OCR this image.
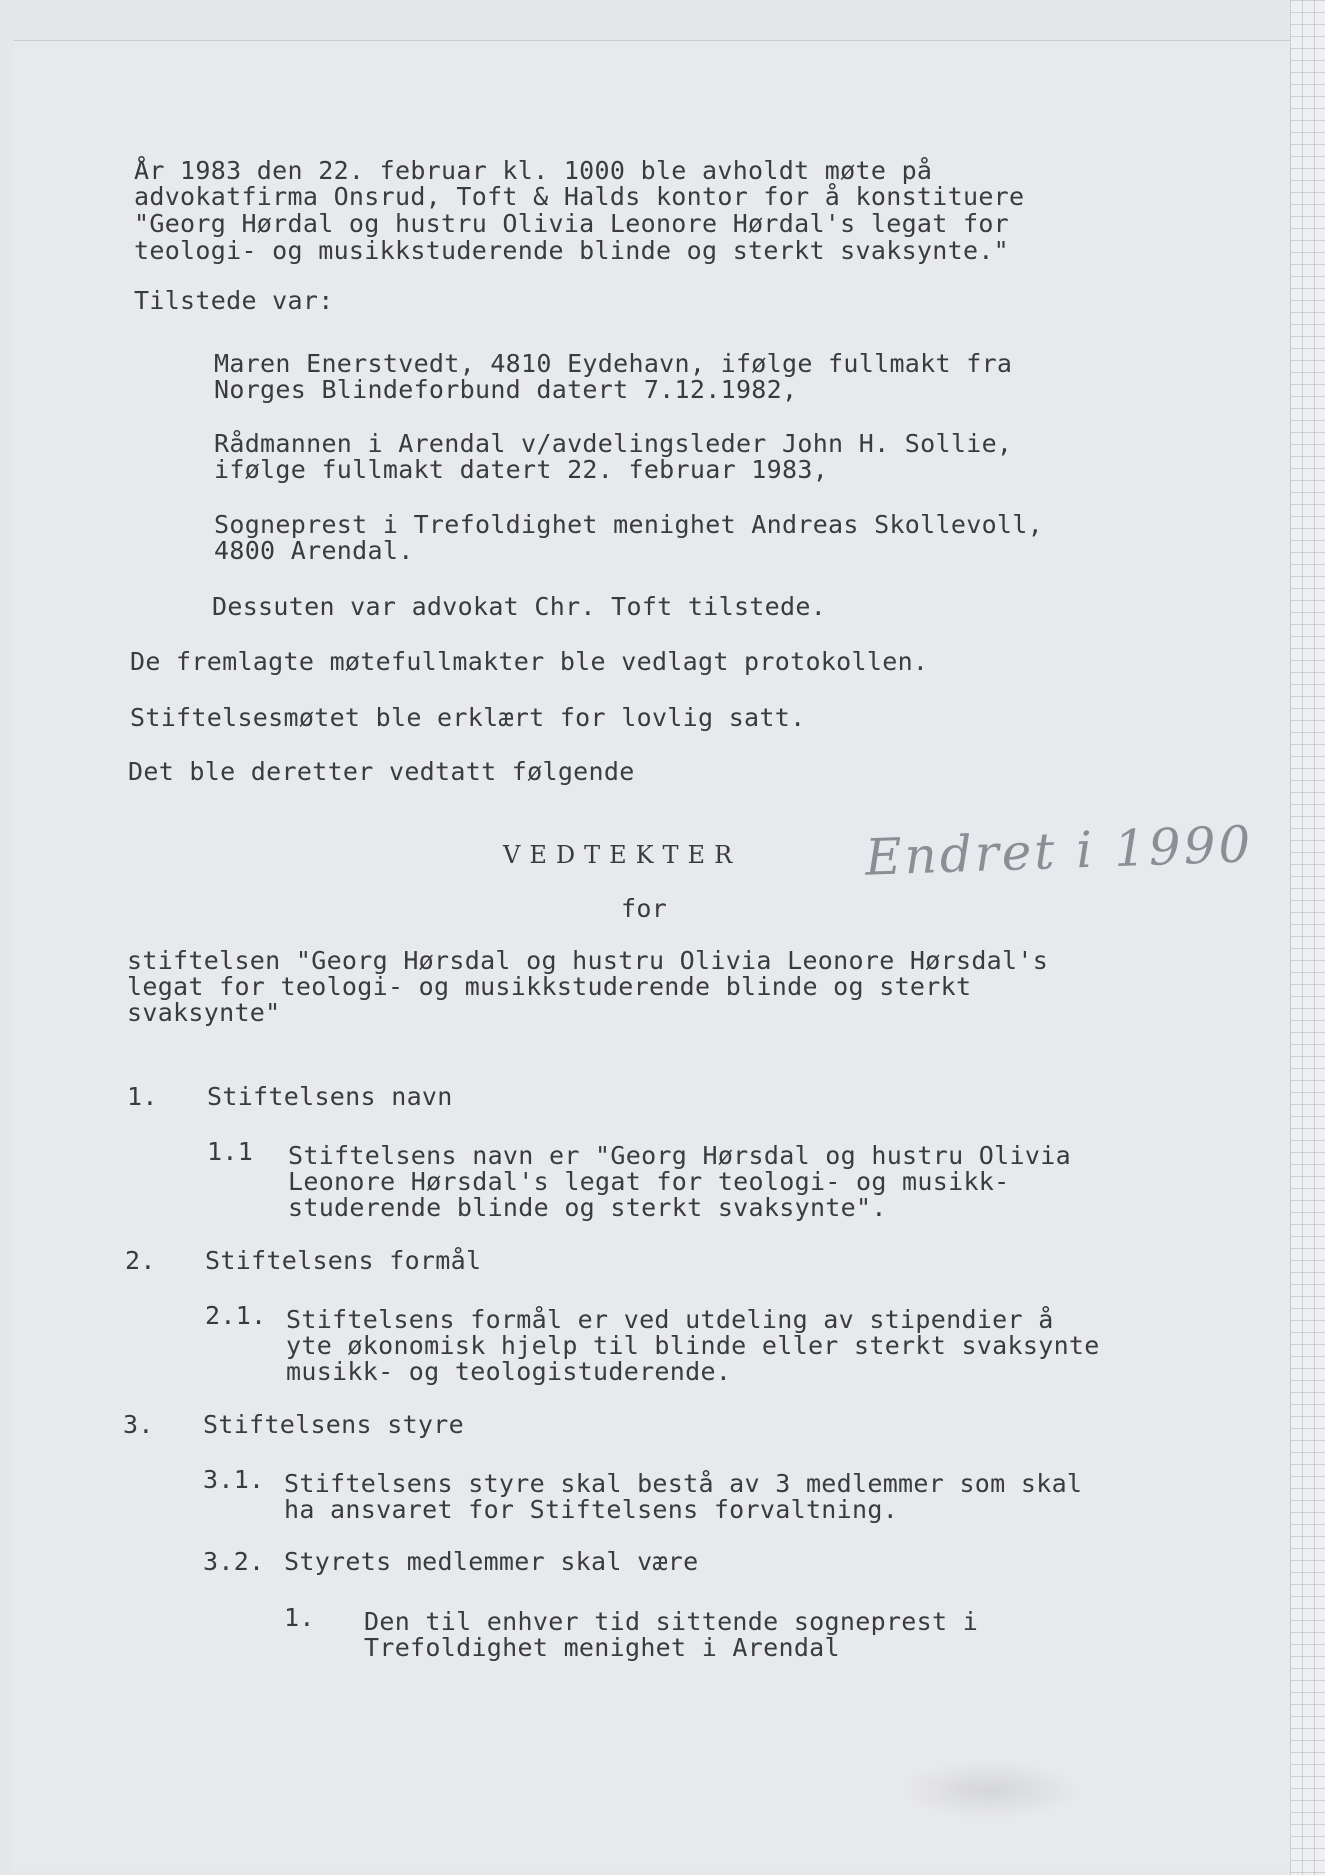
År 1983 den 22. februar kl. 1000 ble avholdt møte på
advokatfirma Onsrud, Toft & Halds kontor for å konstituere
"Georg Hørdal og hustru Olivia Leonore Hørdal's legat for
teologi- og musikkstuderende blinde og sterkt svaksynte."
Tilstede var:
Maren Enerstvedt, 4810 Eydehavn, ifølge fullmakt fra
Norges Blindeforbund datert 7.12.1982,
Rådmannen i Arendal v/avdelingsleder John H. Sollie,
ifølge fullmakt datert 22. februar 1983,
Sogneprest i Trefoldighet menighet Andreas Skollevoll,
4800 Arendal.
Dessuten var advokat Chr. Toft tilstede.
De fremlagte møtefullmakter ble vedlagt protokollen.
Stiftelsesmøtet ble erklært for lovlig satt.
Det ble deretter vedtatt følgende
VEDTEKTER Endret i 1990
for
stiftelsen "Georg Hørsdal og hustru Olivia Leonore Hørsdal's
legat for teologi- og musikkstuderende blinde og sterkt
svaksynte"
1. Stiftelsens navn
1.1 Stiftelsens navn er "Georg Hørsdal og hustru Olivia
Leonore Hørsdal's legat for teologi- og musikk-
studerende blinde og sterkt svaksynte".
2. Stiftelsens formål
2.1. Stiftelsens formål er ved utdeling av stipendier å
yte økonomisk hjelp til blinde eller sterkt svaksynte
musikk- og teologistuderende.
3. Stiftelsens styre
3.1. Stiftelsens styre skal bestå av 3 medlemmer som skal
ha ansvaret for Stiftelsens forvaltning.
3.2. Styrets medlemmer skal være
1. Den til enhver tid sittende sogneprest i
Trefoldighet menighet i Arendal
